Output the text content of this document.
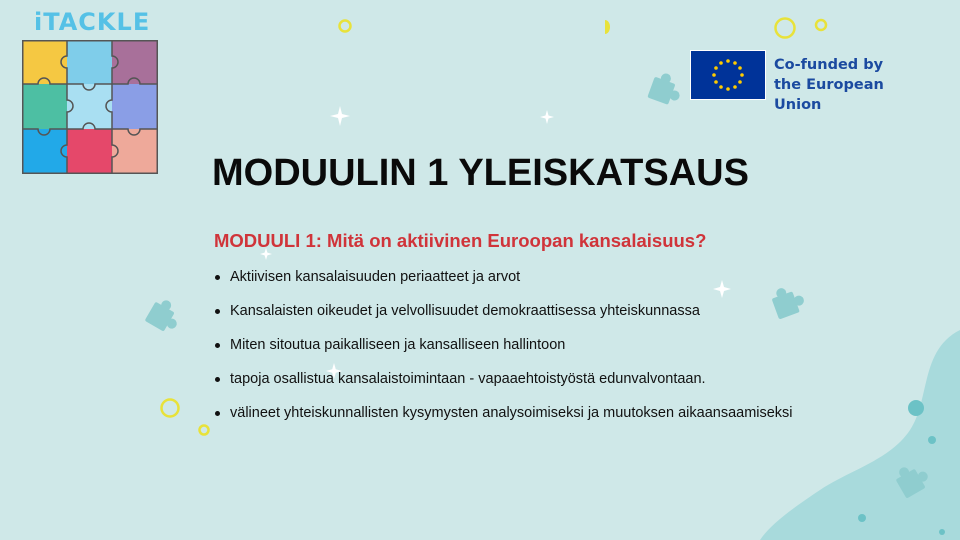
iTACKLE
Co-funded by
the European Union
MODUULIN 1 YLEISKATSAUS
MODUULI 1: Mitä on aktiivinen Euroopan kansalaisuus?
Aktiivisen kansalaisuuden periaatteet ja arvot
Kansalaisten oikeudet ja velvollisuudet demokraattisessa yhteiskunnassa
Miten sitoutua paikalliseen ja kansalliseen hallintoon
tapoja osallistua kansalaistoimintaan - vapaaehtoistyöstä edunvalvontaan.
välineet yhteiskunnallisten kysymysten analysoimiseksi ja muutoksen aikaansaamiseksi
